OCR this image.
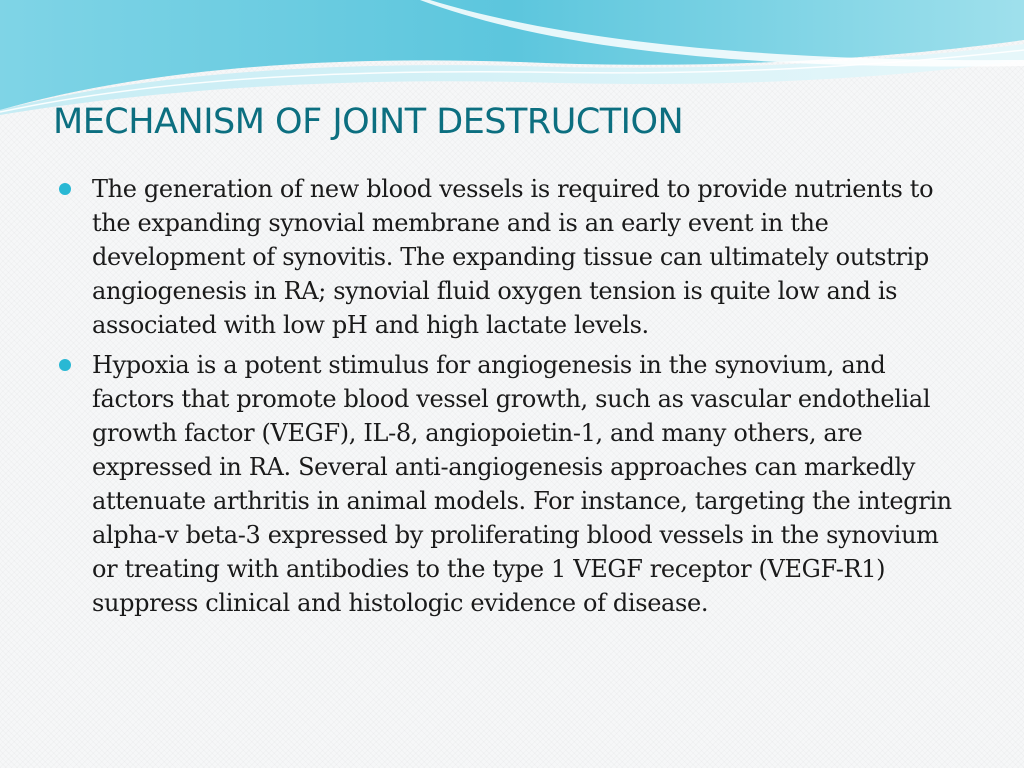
MECHANISM OF JOINT DESTRUCTION
The generation of new blood vessels is required to provide nutrients to the expanding synovial membrane and is an early event in the development of synovitis. The expanding tissue can ultimately outstrip angiogenesis in RA; synovial fluid oxygen tension is quite low and is associated with low pH and high lactate levels.
Hypoxia is a potent stimulus for angiogenesis in the synovium, and factors that promote blood vessel growth, such as vascular endothelial growth factor (VEGF), IL-8, angiopoietin-1, and many others, are expressed in RA. Several anti-angiogenesis approaches can markedly attenuate arthritis in animal models. For instance, targeting the integrin alpha-v beta-3 expressed by proliferating blood vessels in the synovium or treating with antibodies to the type 1 VEGF receptor (VEGF-R1) suppress clinical and histologic evidence of disease.
